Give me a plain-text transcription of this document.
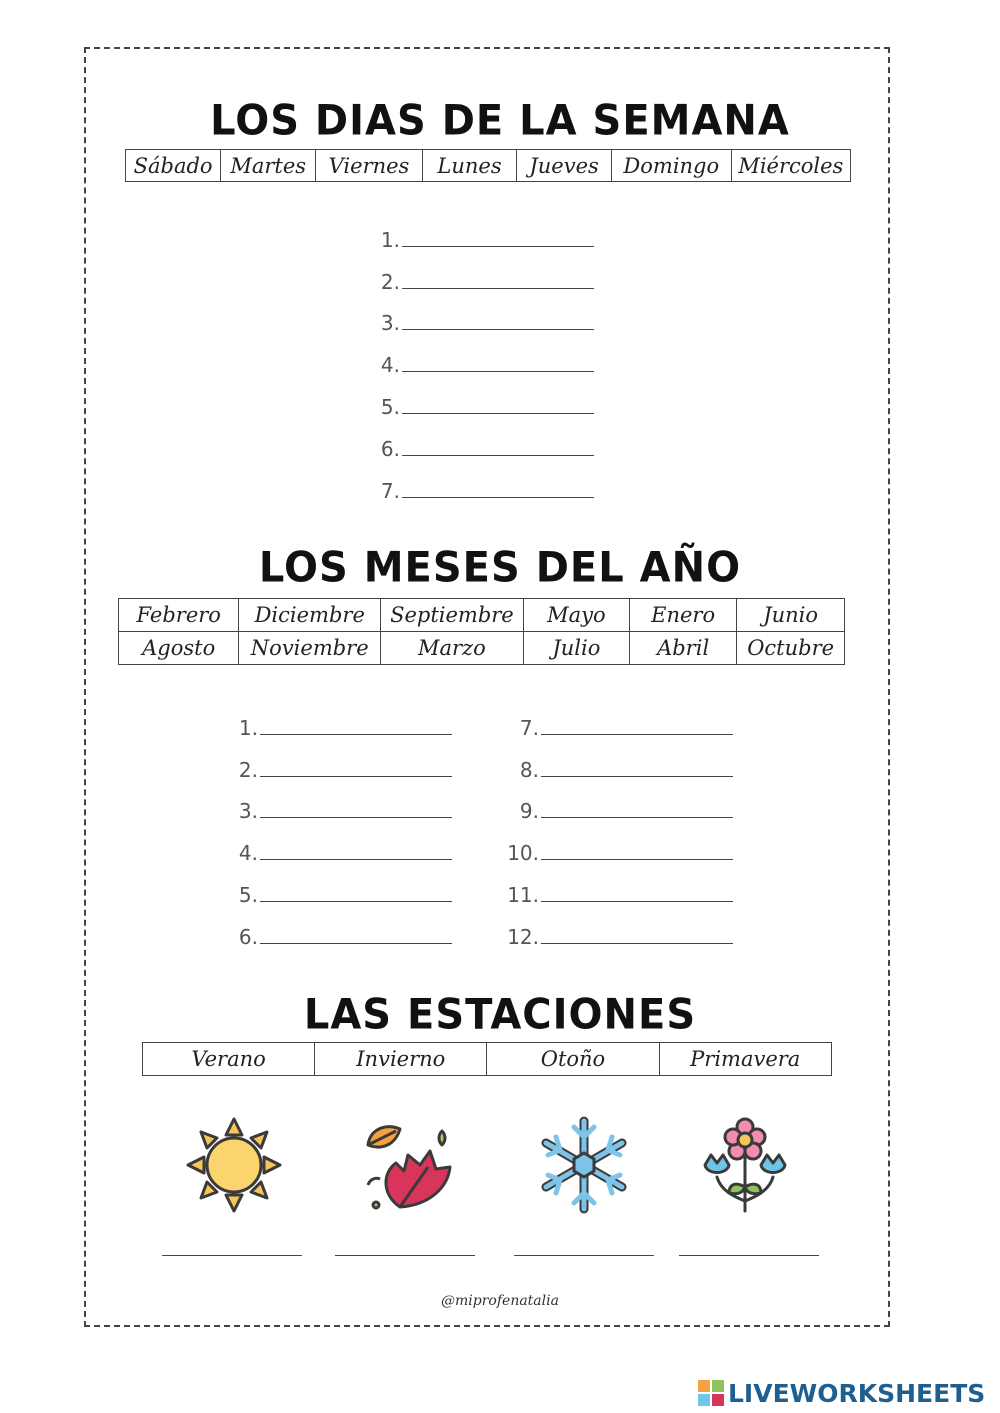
LOS DIAS DE LA SEMANA
Sábado	Martes	Viernes	Lunes	Jueves	Domingo	Miércoles
1.
2.
3.
4.
5.
6.
7.
LOS MESES DEL AÑO
Febrero	Diciembre	Septiembre	Mayo	Enero	Junio
Agosto	Noviembre	Marzo	Julio	Abril	Octubre
1.
2.
3.
4.
5.
6.
7.
8.
9.
10.
11.
12.
LAS ESTACIONES
Verano	Invierno	Otoño	Primavera
@miprofenatalia
LIVEWORKSHEETS
